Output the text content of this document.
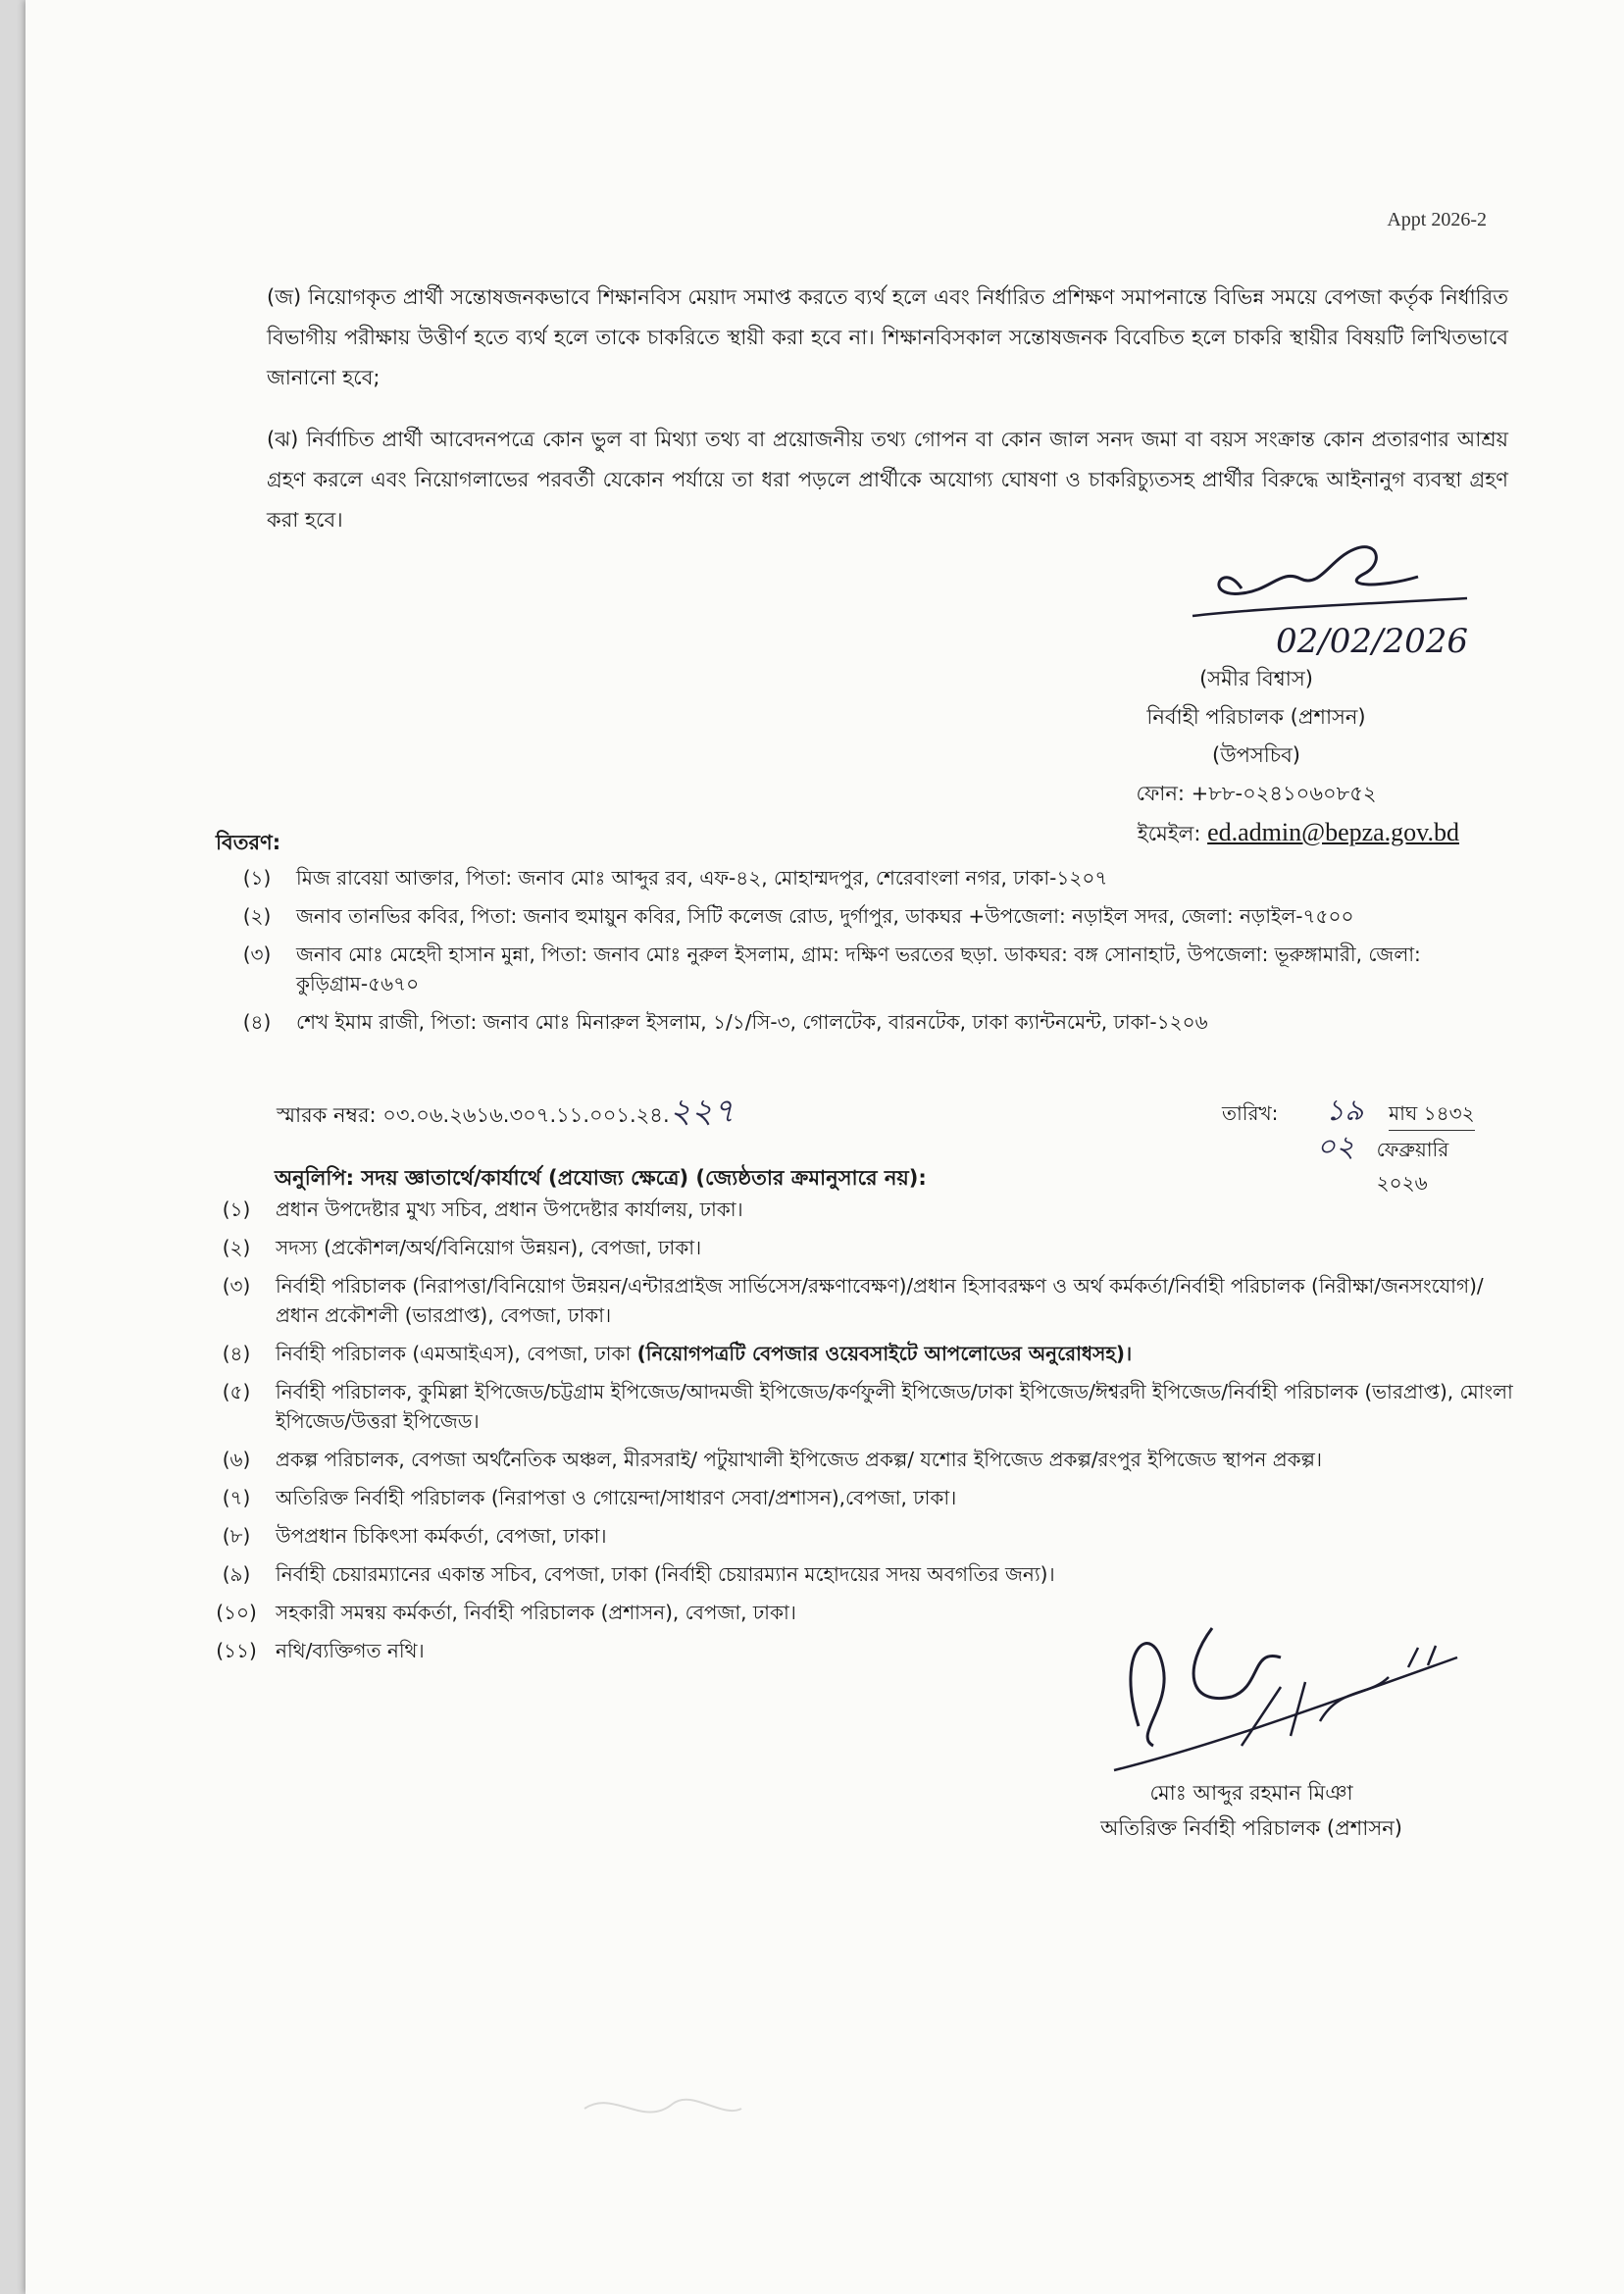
Appt 2026-2
(জ) নিয়োগকৃত প্রার্থী সন্তোষজনকভাবে শিক্ষানবিস মেয়াদ সমাপ্ত করতে ব্যর্থ হলে এবং নির্ধারিত প্রশিক্ষণ সমাপনান্তে বিভিন্ন সময়ে বেপজা কর্তৃক নির্ধারিত বিভাগীয় পরীক্ষায় উত্তীর্ণ হতে ব্যর্থ হলে তাকে চাকরিতে স্থায়ী করা হবে না। শিক্ষানবিসকাল সন্তোষজনক বিবেচিত হলে চাকরি স্থায়ীর বিষয়টি লিখিতভাবে জানানো হবে;
(ঝ) নির্বাচিত প্রার্থী আবেদনপত্রে কোন ভুল বা মিথ্যা তথ্য বা প্রয়োজনীয় তথ্য গোপন বা কোন জাল সনদ জমা বা বয়স সংক্রান্ত কোন প্রতারণার আশ্রয় গ্রহণ করলে এবং নিয়োগলাভের পরবর্তী যেকোন পর্যায়ে তা ধরা পড়লে প্রার্থীকে অযোগ্য ঘোষণা ও চাকরিচ্যুতসহ প্রার্থীর বিরুদ্ধে আইনানুগ ব্যবস্থা গ্রহণ করা হবে।
02/02/2026
(সমীর বিশ্বাস)
নির্বাহী পরিচালক (প্রশাসন)
(উপসচিব)
ফোন: +৮৮-০২৪১০৬০৮৫২
ইমেইল: ed.admin@bepza.gov.bd
বিতরণ:
(১)	মিজ রাবেয়া আক্তার, পিতা: জনাব মোঃ আব্দুর রব, এফ-৪২, মোহাম্মদপুর, শেরেবাংলা নগর, ঢাকা-১২০৭
(২)	জনাব তানভির কবির, পিতা: জনাব হুমায়ুন কবির, সিটি কলেজ রোড, দুর্গাপুর, ডাকঘর +উপজেলা: নড়াইল সদর, জেলা: নড়াইল-৭৫০০
(৩)	জনাব মোঃ মেহেদী হাসান মুন্না, পিতা: জনাব মোঃ নুরুল ইসলাম, গ্রাম: দক্ষিণ ভরতের ছড়া. ডাকঘর: বঙ্গ সোনাহাট, উপজেলা: ভূরুঙ্গামারী, জেলা: কুড়িগ্রাম-৫৬৭০
(৪)	শেখ ইমাম রাজী, পিতা: জনাব মোঃ মিনারুল ইসলাম, ১/১/সি-৩, গোলটেক, বারনটেক, ঢাকা ক্যান্টনমেন্ট, ঢাকা-১২০৬
স্মারক নম্বর: ০৩.০৬.২৬১৬.৩০৭.১১.০০১.২৪.২২৭	তারিখ:	১৯	মাঘ ১৪৩২
০২	ফেব্রুয়ারি ২০২৬
অনুলিপি: সদয় জ্ঞাতার্থে/কার্যার্থে (প্রযোজ্য ক্ষেত্রে) (জ্যেষ্ঠতার ক্রমানুসারে নয়):
(১)	প্রধান উপদেষ্টার মুখ্য সচিব, প্রধান উপদেষ্টার কার্যালয়, ঢাকা।
(২)	সদস্য (প্রকৌশল/অর্থ/বিনিয়োগ উন্নয়ন), বেপজা, ঢাকা।
(৩)	নির্বাহী পরিচালক (নিরাপত্তা/বিনিয়োগ উন্নয়ন/এন্টারপ্রাইজ সার্ভিসেস/রক্ষণাবেক্ষণ)/প্রধান হিসাবরক্ষণ ও অর্থ কর্মকর্তা/নির্বাহী পরিচালক (নিরীক্ষা/জনসংযোগ)/প্রধান প্রকৌশলী (ভারপ্রাপ্ত), বেপজা, ঢাকা।
(৪)	নির্বাহী পরিচালক (এমআইএস), বেপজা, ঢাকা (নিয়োগপত্রটি বেপজার ওয়েবসাইটে আপলোডের অনুরোধসহ)।
(৫)	নির্বাহী পরিচালক, কুমিল্লা ইপিজেড/চট্টগ্রাম ইপিজেড/আদমজী ইপিজেড/কর্ণফুলী ইপিজেড/ঢাকা ইপিজেড/ঈশ্বরদী ইপিজেড/নির্বাহী পরিচালক (ভারপ্রাপ্ত), মোংলা ইপিজেড/উত্তরা ইপিজেড।
(৬)	প্রকল্প পরিচালক, বেপজা অর্থনৈতিক অঞ্চল, মীরসরাই/ পটুয়াখালী ইপিজেড প্রকল্প/ যশোর ইপিজেড প্রকল্প/রংপুর ইপিজেড স্থাপন প্রকল্প।
(৭)	অতিরিক্ত নির্বাহী পরিচালক (নিরাপত্তা ও গোয়েন্দা/সাধারণ সেবা/প্রশাসন),বেপজা, ঢাকা।
(৮)	উপপ্রধান চিকিৎসা কর্মকর্তা, বেপজা, ঢাকা।
(৯)	নির্বাহী চেয়ারম্যানের একান্ত সচিব, বেপজা, ঢাকা (নির্বাহী চেয়ারম্যান মহোদয়ের সদয় অবগতির জন্য)।
(১০) সহকারী সমন্বয় কর্মকর্তা, নির্বাহী পরিচালক (প্রশাসন), বেপজা, ঢাকা।
(১১) নথি/ব্যক্তিগত নথি।
মোঃ আব্দুর রহমান মিঞা
অতিরিক্ত নির্বাহী পরিচালক (প্রশাসন)
